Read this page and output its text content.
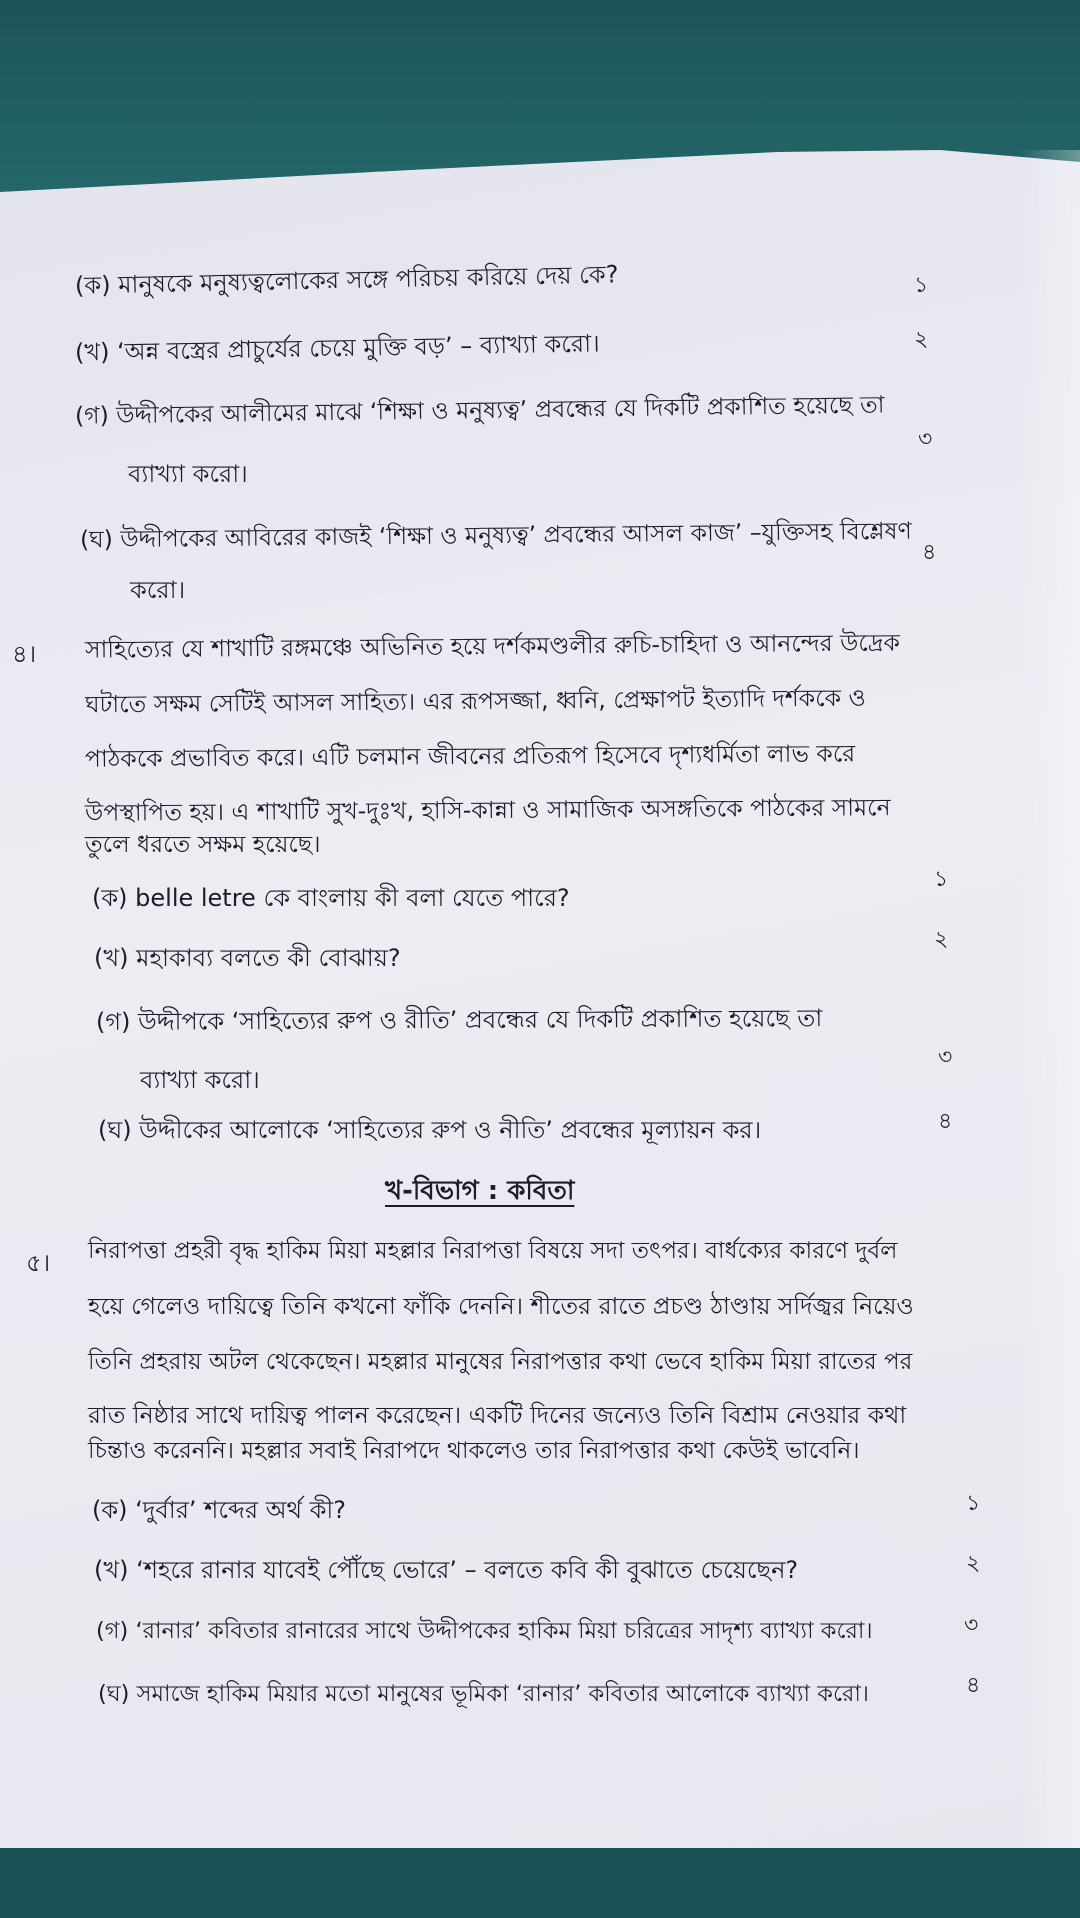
(ক) মানুষকে মনুষ্যত্বলোকের সঙ্গে পরিচয় করিয়ে দেয় কে?	১
(খ) ‘অন্ন বস্ত্রের প্রাচুর্যের চেয়ে মুক্তি বড়’ – ব্যাখ্যা করো।	২
(গ) উদ্দীপকের আলীমের মাঝে ‘শিক্ষা ও মনুষ্যত্ব’ প্রবন্ধের যে দিকটি প্রকাশিত হয়েছে তা
ব্যাখ্যা করো।
৩
(ঘ) উদ্দীপকের আবিরের কাজই ‘শিক্ষা ও মনুষ্যত্ব’ প্রবন্ধের আসল কাজ’ –যুক্তিসহ বিশ্লেষণ
করো।
৪
৪। সাহিত্যের যে শাখাটি রঙ্গমঞ্চে অভিনিত হয়ে দর্শকমণ্ডলীর রুচি-চাহিদা ও আনন্দের উদ্রেক
ঘটাতে সক্ষম সেটিই আসল সাহিত্য। এর রূপসজ্জা, ধ্বনি, প্রেক্ষাপট ইত্যাদি দর্শককে ও
পাঠককে প্রভাবিত করে। এটি চলমান জীবনের প্রতিরূপ হিসেবে দৃশ্যধর্মিতা লাভ করে
উপস্থাপিত হয়। এ শাখাটি সুখ-দুঃখ, হাসি-কান্না ও সামাজিক অসঙ্গতিকে পাঠকের সামনে
তুলে ধরতে সক্ষম হয়েছে।
(ক) belle letre কে বাংলায় কী বলা যেতে পারে?
১
(খ) মহাকাব্য বলতে কী বোঝায়?
২
(গ) উদ্দীপকে ‘সাহিত্যের রুপ ও রীতি’ প্রবন্ধের যে দিকটি প্রকাশিত হয়েছে তা
ব্যাখ্যা করো।
৩
(ঘ) উদ্দীকের আলোকে ‘সাহিত্যের রুপ ও নীতি’ প্রবন্ধের মূল্যায়ন কর।	৪
খ-বিভাগ : কবিতা
৫। নিরাপত্তা প্রহরী বৃদ্ধ হাকিম মিয়া মহল্লার নিরাপত্তা বিষয়ে সদা তৎপর। বার্ধক্যের কারণে দুর্বল
হয়ে গেলেও দায়িত্বে তিনি কখনো ফাঁকি দেননি। শীতের রাতে প্রচণ্ড ঠাণ্ডায় সর্দিজ্বর নিয়েও
তিনি প্রহরায় অটল থেকেছেন। মহল্লার মানুষের নিরাপত্তার কথা ভেবে হাকিম মিয়া রাতের পর
রাত নিষ্ঠার সাথে দায়িত্ব পালন করেছেন। একটি দিনের জন্যেও তিনি বিশ্রাম নেওয়ার কথা
চিন্তাও করেননি। মহল্লার সবাই নিরাপদে থাকলেও তার নিরাপত্তার কথা কেউই ভাবেনি।
(ক) ‘দুর্বার’ শব্দের অর্থ কী?	১
(খ) ‘শহরে রানার যাবেই পৌঁছে ভোরে’ – বলতে কবি কী বুঝাতে চেয়েছেন?	২
(গ) ‘রানার’ কবিতার রানারের সাথে উদ্দীপকের হাকিম মিয়া চরিত্রের সাদৃশ্য ব্যাখ্যা করো।	৩
(ঘ) সমাজে হাকিম মিয়ার মতো মানুষের ভূমিকা ‘রানার’ কবিতার আলোকে ব্যাখ্যা করো।	৪
